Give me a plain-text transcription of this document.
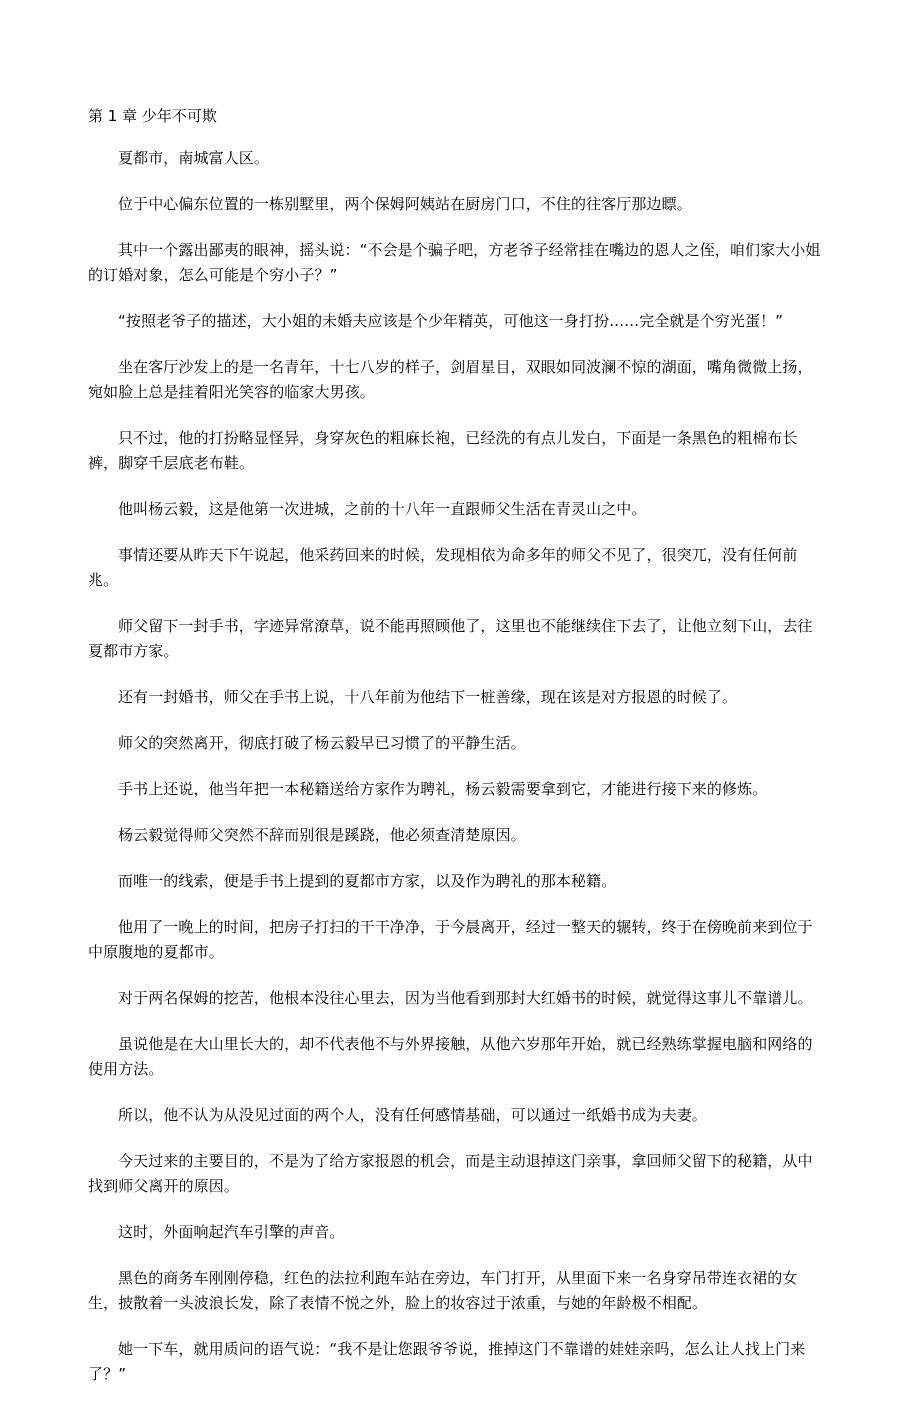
第 1 章 少年不可欺

夏都市，南城富人区。

位于中心偏东位置的一栋别墅里，两个保姆阿姨站在厨房门口，不住的往客厅那边瞟。

其中一个露出鄙夷的眼神，摇头说：“不会是个骗子吧，方老爷子经常挂在嘴边的恩人之侄，咱们家大小姐的订婚对象，怎么可能是个穷小子？”

“按照老爷子的描述，大小姐的未婚夫应该是个少年精英，可他这一身打扮……完全就是个穷光蛋！”

坐在客厅沙发上的是一名青年，十七八岁的样子，剑眉星目，双眼如同波澜不惊的湖面，嘴角微微上扬，宛如脸上总是挂着阳光笑容的临家大男孩。

只不过，他的打扮略显怪异，身穿灰色的粗麻长袍，已经洗的有点儿发白，下面是一条黑色的粗棉布长裤，脚穿千层底老布鞋。

他叫杨云毅，这是他第一次进城，之前的十八年一直跟师父生活在青灵山之中。

事情还要从昨天下午说起，他采药回来的时候，发现相依为命多年的师父不见了，很突兀，没有任何前兆。

师父留下一封手书，字迹异常潦草，说不能再照顾他了，这里也不能继续住下去了，让他立刻下山，去往夏都市方家。

还有一封婚书，师父在手书上说，十八年前为他结下一桩善缘，现在该是对方报恩的时候了。

师父的突然离开，彻底打破了杨云毅早已习惯了的平静生活。

手书上还说，他当年把一本秘籍送给方家作为聘礼，杨云毅需要拿到它，才能进行接下来的修炼。

杨云毅觉得师父突然不辞而别很是蹊跷，他必须查清楚原因。

而唯一的线索，便是手书上提到的夏都市方家，以及作为聘礼的那本秘籍。

他用了一晚上的时间，把房子打扫的干干净净，于今晨离开，经过一整天的辗转，终于在傍晚前来到位于中原腹地的夏都市。

对于两名保姆的挖苦，他根本没往心里去，因为当他看到那封大红婚书的时候，就觉得这事儿不靠谱儿。

虽说他是在大山里长大的，却不代表他不与外界接触，从他六岁那年开始，就已经熟练掌握电脑和网络的使用方法。

所以，他不认为从没见过面的两个人，没有任何感情基础，可以通过一纸婚书成为夫妻。

今天过来的主要目的，不是为了给方家报恩的机会，而是主动退掉这门亲事，拿回师父留下的秘籍，从中找到师父离开的原因。

这时，外面响起汽车引擎的声音。

黑色的商务车刚刚停稳，红色的法拉利跑车站在旁边，车门打开，从里面下来一名身穿吊带连衣裙的女生，披散着一头波浪长发，除了表情不悦之外，脸上的妆容过于浓重，与她的年龄极不相配。

她一下车，就用质问的语气说：“我不是让您跟爷爷说，推掉这门不靠谱的娃娃亲吗，怎么让人找上门来了？”
